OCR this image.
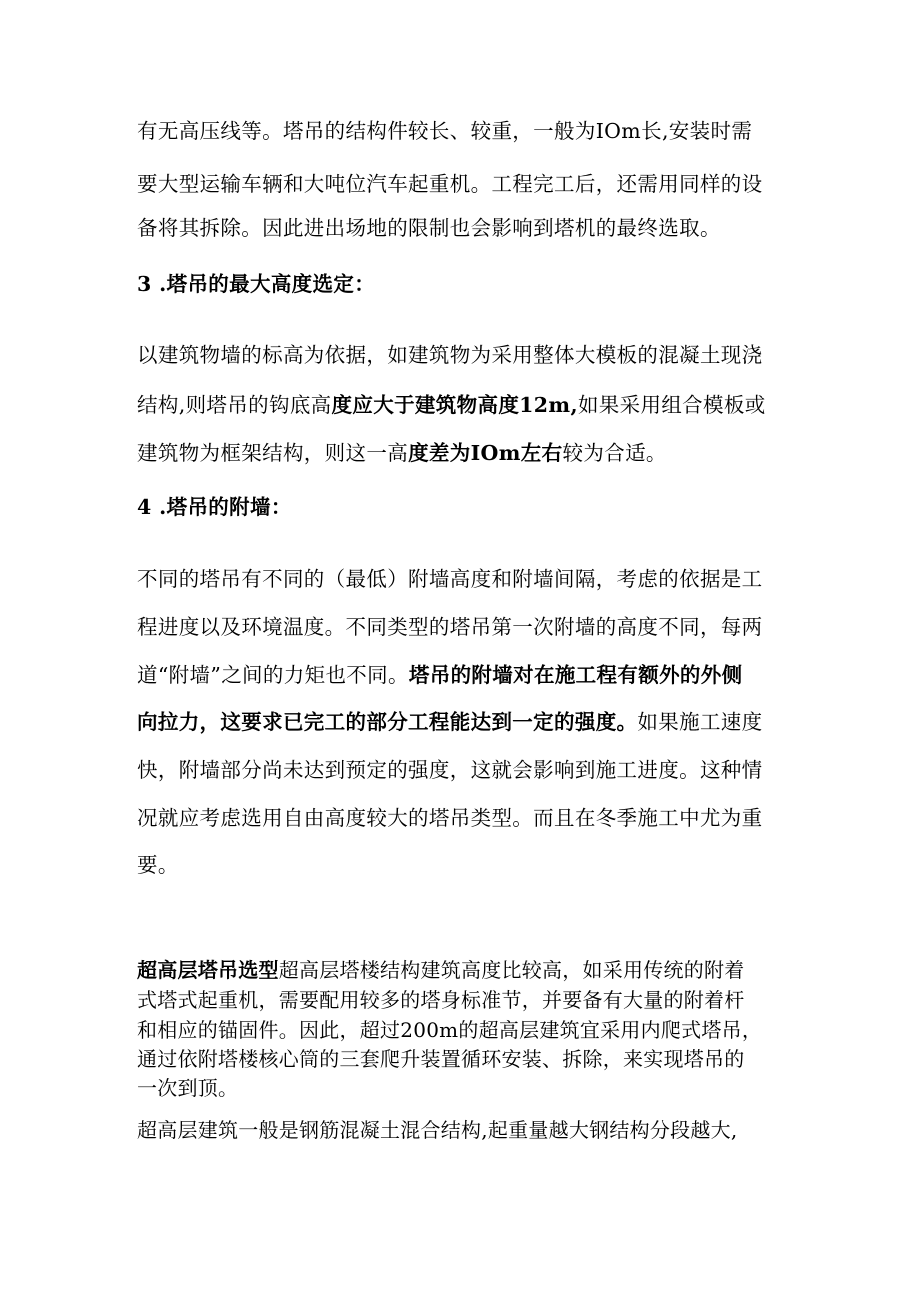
有无高压线等。塔吊的结构件较长、较重，一般为IOm长,安装时需
要大型运输车辆和大吨位汽车起重机。工程完工后，还需用同样的设
备将其拆除。因此进出场地的限制也会影响到塔机的最终选取。
3 .塔吊的最大高度选定：
以建筑物墙的标高为依据，如建筑物为采用整体大模板的混凝土现浇
结构,则塔吊的钩底高度应大于建筑物高度12m,如果采用组合模板或
建筑物为框架结构，则这一高度差为IOm左右较为合适。
4 .塔吊的附墙：
不同的塔吊有不同的（最低）附墙高度和附墙间隔，考虑的依据是工
程进度以及环境温度。不同类型的塔吊第一次附墙的高度不同，每两
道“附墙”之间的力矩也不同。塔吊的附墙对在施工程有额外的外侧
向拉力，这要求已完工的部分工程能达到一定的强度。如果施工速度
快，附墙部分尚未达到预定的强度，这就会影响到施工进度。这种情
况就应考虑选用自由高度较大的塔吊类型。而且在冬季施工中尤为重
要。
超高层塔吊选型超高层塔楼结构建筑高度比较高，如采用传统的附着
式塔式起重机，需要配用较多的塔身标准节，并要备有大量的附着杆
和相应的锚固件。因此，超过200m的超高层建筑宜采用内爬式塔吊，
通过依附塔楼核心筒的三套爬升装置循环安装、拆除，来实现塔吊的
一次到顶。
超高层建筑一般是钢筋混凝土混合结构,起重量越大钢结构分段越大,
